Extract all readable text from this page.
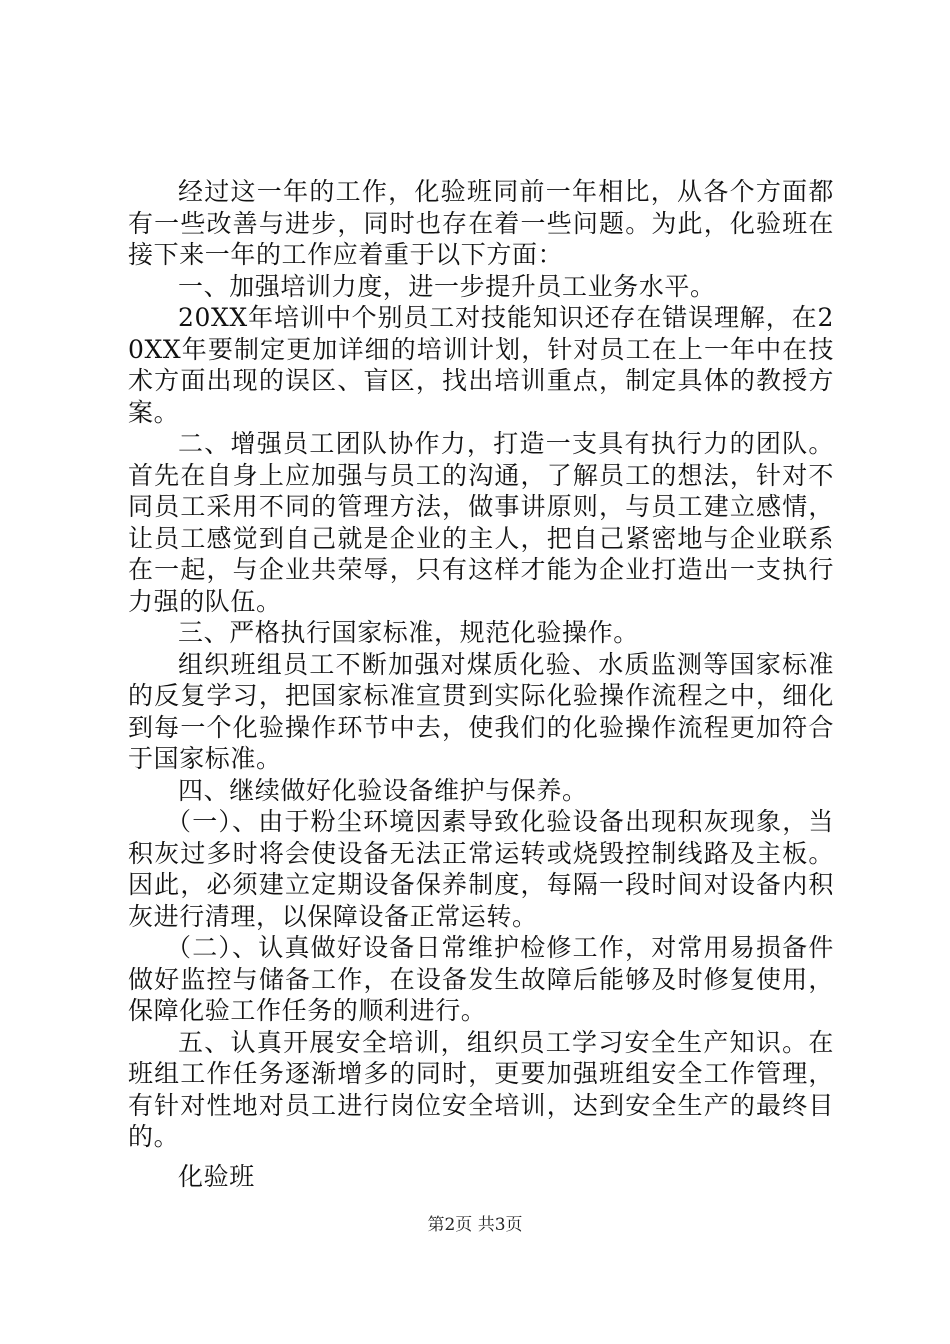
经过这一年的工作，化验班同前一年相比，从各个方面都有一些改善与进步，同时也存在着一些问题。为此，化验班在接下来一年的工作应着重于以下方面：

一、加强培训力度，进一步提升员工业务水平。

20XX年培训中个别员工对技能知识还存在错误理解，在20XX年要制定更加详细的培训计划，针对员工在上一年中在技术方面出现的误区、盲区，找出培训重点，制定具体的教授方案。

二、增强员工团队协作力，打造一支具有执行力的团队。首先在自身上应加强与员工的沟通，了解员工的想法，针对不同员工采用不同的管理方法，做事讲原则，与员工建立感情，让员工感觉到自己就是企业的主人，把自己紧密地与企业联系在一起，与企业共荣辱，只有这样才能为企业打造出一支执行力强的队伍。

三、严格执行国家标准，规范化验操作。

组织班组员工不断加强对煤质化验、水质监测等国家标准的反复学习，把国家标准宣贯到实际化验操作流程之中，细化到每一个化验操作环节中去，使我们的化验操作流程更加符合于国家标准。

四、继续做好化验设备维护与保养。

（一）、由于粉尘环境因素导致化验设备出现积灰现象，当积灰过多时将会使设备无法正常运转或烧毁控制线路及主板。因此，必须建立定期设备保养制度，每隔一段时间对设备内积灰进行清理，以保障设备正常运转。

（二）、认真做好设备日常维护检修工作，对常用易损备件做好监控与储备工作，在设备发生故障后能够及时修复使用，保障化验工作任务的顺利进行。

五、认真开展安全培训，组织员工学习安全生产知识。在班组工作任务逐渐增多的同时，更要加强班组安全工作管理，有针对性地对员工进行岗位安全培训，达到安全生产的最终目的。

化验班

第2页 共3页
